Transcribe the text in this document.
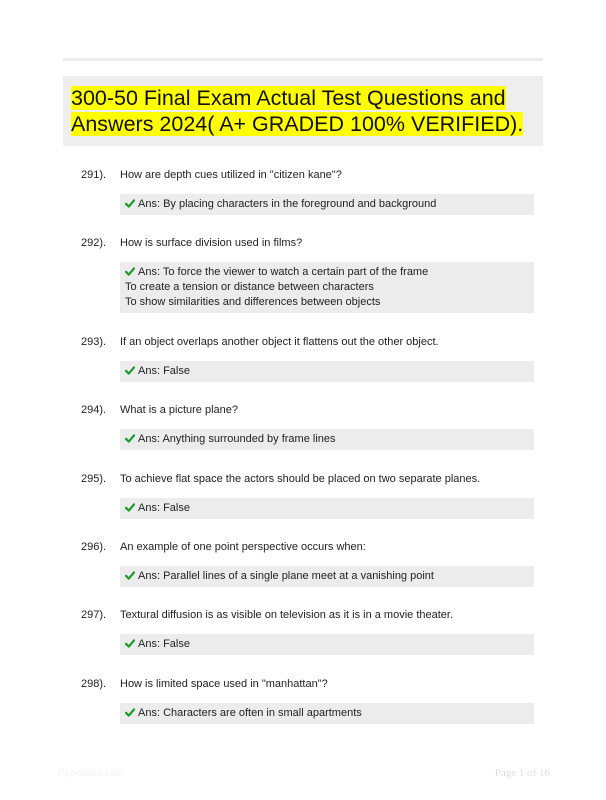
300-50 Final Exam Actual Test Questions and Answers 2024( A+ GRADED 100% VERIFIED).
291). How are depth cues utilized in "citizen kane"?
Ans: By placing characters in the foreground and background
292). How is surface division used in films?
Ans: To force the viewer to watch a certain part of the frame
To create a tension or distance between characters
To show similarities and differences between objects
293). If an object overlaps another object it flattens out the other object.
Ans: False
294). What is a picture plane?
Ans: Anything surrounded by frame lines
295). To achieve flat space the actors should be placed on two separate planes.
Ans: False
296). An example of one point perspective occurs when:
Ans: Parallel lines of a single plane meet at a vanishing point
297). Textural diffusion is as visible on television as it is in a movie theater.
Ans: False
298). How is limited space used in "manhattan"?
Ans: Characters are often in small apartments
Paperstile.com	Page 1 of 16
